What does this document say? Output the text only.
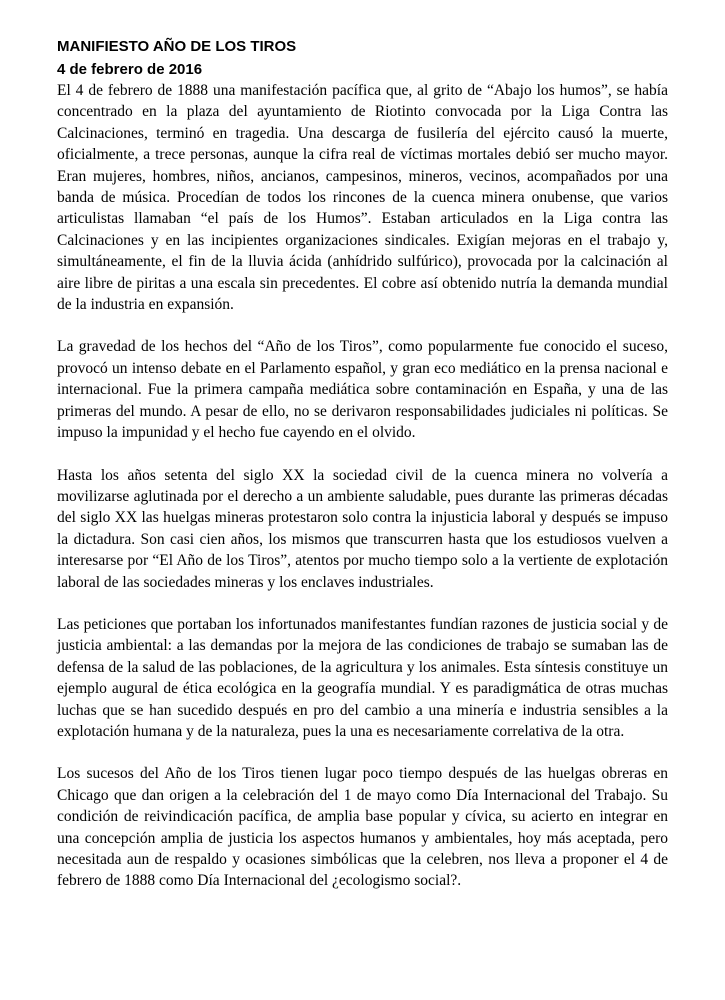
MANIFIESTO AÑO DE LOS TIROS
4 de febrero de 2016

El 4 de febrero de 1888 una manifestación pacífica que, al grito de “Abajo los humos”, se había concentrado en la plaza del ayuntamiento de Riotinto convocada por la Liga Contra las Calcinaciones, terminó en tragedia. Una descarga de fusilería del ejército causó la muerte, oficialmente, a trece personas, aunque la cifra real de víctimas mortales debió ser mucho mayor. Eran mujeres, hombres, niños, ancianos, campesinos, mineros, vecinos, acompañados por una banda de música. Procedían de todos los rincones de la cuenca minera onubense, que varios articulistas llamaban “el país de los Humos”. Estaban articulados en la Liga contra las Calcinaciones y en las incipientes organizaciones sindicales. Exigían mejoras en el trabajo y, simultáneamente, el fin de la lluvia ácida (anhídrido sulfúrico), provocada por la calcinación al aire libre de piritas a una escala sin precedentes. El cobre así obtenido nutría la demanda mundial de la industria en expansión.

La gravedad de los hechos del “Año de los Tiros”, como popularmente fue conocido el suceso, provocó un intenso debate en el Parlamento español, y gran eco mediático en la prensa nacional e internacional. Fue la primera campaña mediática sobre contaminación en España, y una de las primeras del mundo. A pesar de ello, no se derivaron responsabilidades judiciales ni políticas. Se impuso la impunidad y el hecho fue cayendo en el olvido.

Hasta los años setenta del siglo XX la sociedad civil de la cuenca minera no volvería a movilizarse aglutinada por el derecho a un ambiente saludable, pues durante las primeras décadas del siglo XX las huelgas mineras protestaron solo contra la injusticia laboral y después se impuso la dictadura. Son casi cien años, los mismos que transcurren hasta que los estudiosos vuelven a interesarse por “El Año de los Tiros”, atentos por mucho tiempo solo a la vertiente de explotación laboral de las sociedades mineras y los enclaves industriales.

Las peticiones que portaban los infortunados manifestantes fundían razones de justicia social y de justicia ambiental: a las demandas por la mejora de las condiciones de trabajo se sumaban las de defensa de la salud de las poblaciones, de la agricultura y los animales. Esta síntesis constituye un ejemplo augural de ética ecológica en la geografía mundial. Y es paradigmática de otras muchas luchas que se han sucedido después en pro del cambio a una minería e industria sensibles a la explotación humana y de la naturaleza, pues la una es necesariamente correlativa de la otra.

Los sucesos del Año de los Tiros tienen lugar poco tiempo después de las huelgas obreras en Chicago que dan origen a la celebración del 1 de mayo como Día Internacional del Trabajo. Su condición de reivindicación pacífica, de amplia base popular y cívica, su acierto en integrar en una concepción amplia de justicia los aspectos humanos y ambientales, hoy más aceptada, pero necesitada aun de respaldo y ocasiones simbólicas que la celebren, nos lleva a proponer el 4 de febrero de 1888 como Día Internacional del ¿ecologismo social?.
